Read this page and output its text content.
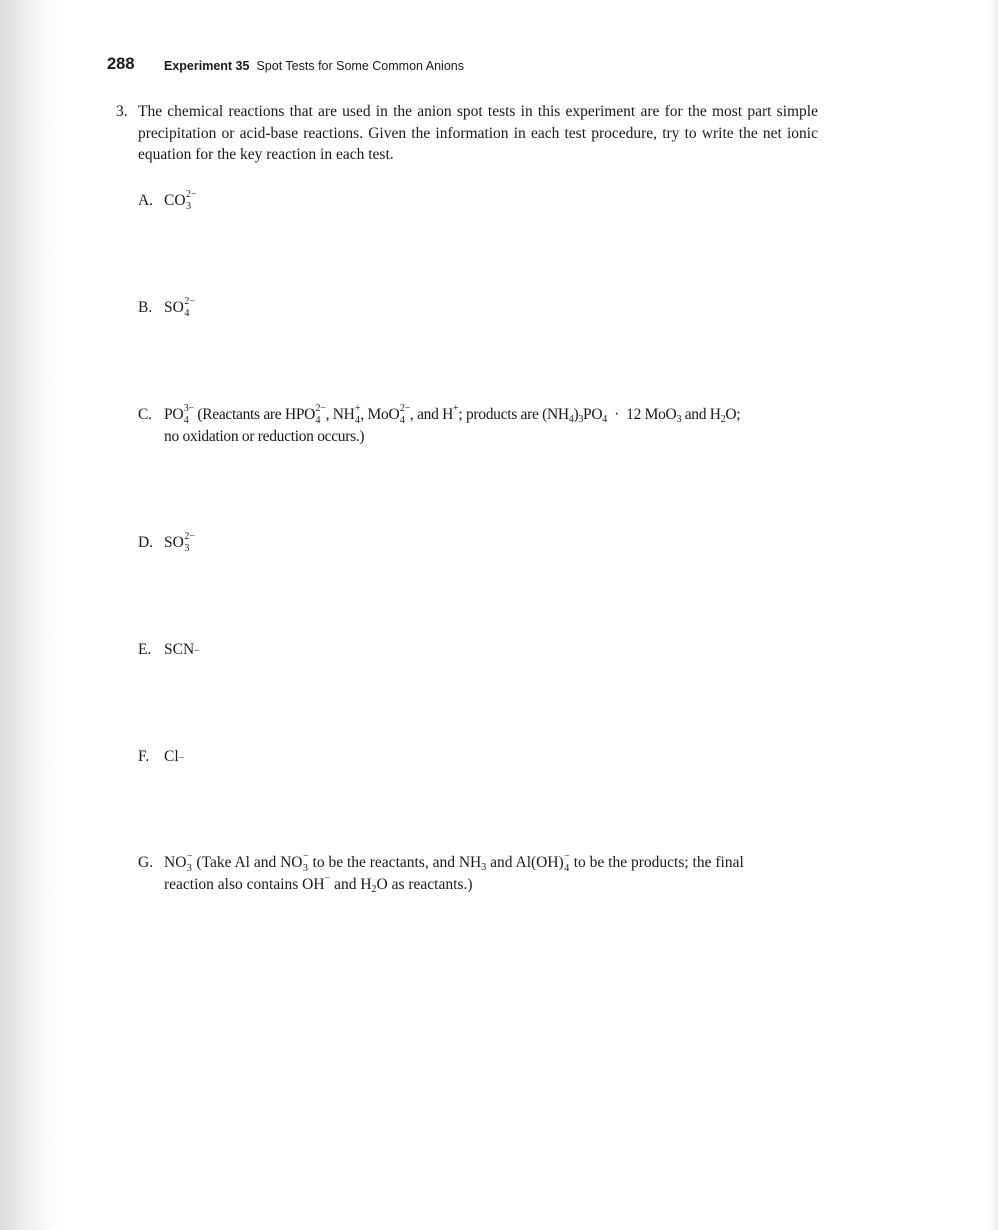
288 Experiment 35 Spot Tests for Some Common Anions
3. The chemical reactions that are used in the anion spot tests in this experiment are for the most part simple precipitation or acid-base reactions. Given the information in each test procedure, try to write the net ionic equation for the key reaction in each test.
A. CO 2−
3
B. SO 2−
4
C. PO 3−
4 (Reactants are HPO 2−
4 , NH +
4 , MoO 2−
4 , and H+; products are $(NH_4)_3PO_4 \cdot 12$ MoO$_3$ and $H_2O$;
no oxidation or reduction occurs.)
D. SO 2−
3
E. SCN −
F. Cl −
G. NO −
3 (Take Al and NO −
3 to be the reactants, and $NH_3$ and Al(OH) −
4 to be the products; the final
reaction also contains OH− and $H_2O$ as reactants.)
